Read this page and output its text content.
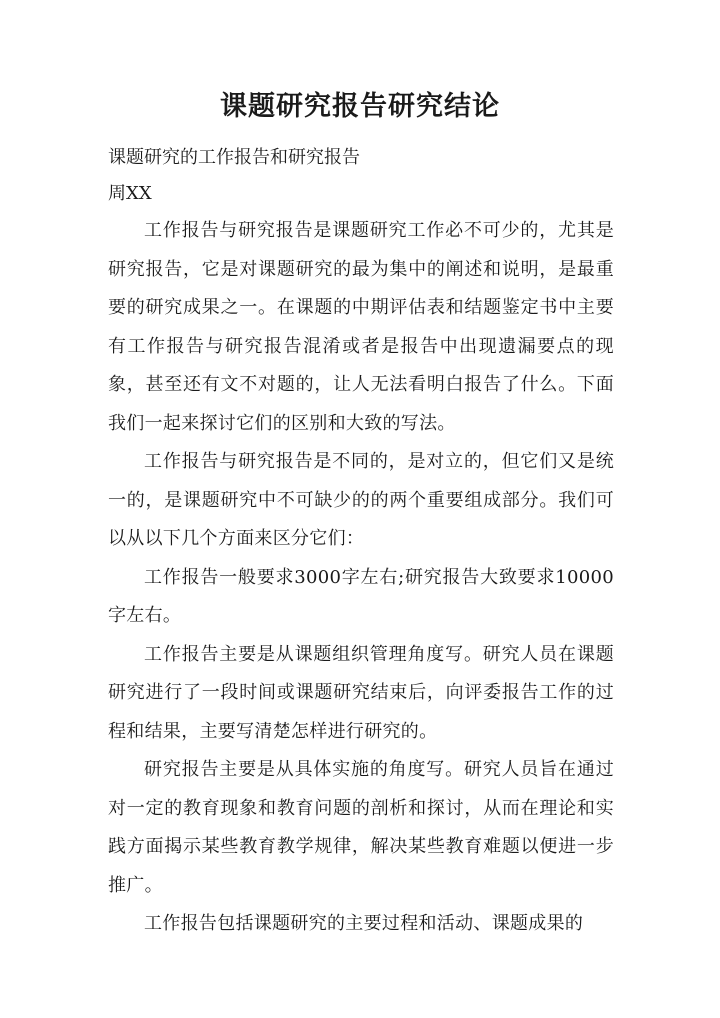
课题研究报告研究结论

课题研究的工作报告和研究报告

周XX

工作报告与研究报告是课题研究工作必不可少的，尤其是研究报告，它是对课题研究的最为集中的阐述和说明，是最重要的研究成果之一。在课题的中期评估表和结题鉴定书中主要有工作报告与研究报告混淆或者是报告中出现遗漏要点的现象，甚至还有文不对题的，让人无法看明白报告了什么。下面我们一起来探讨它们的区别和大致的写法。

工作报告与研究报告是不同的，是对立的，但它们又是统一的，是课题研究中不可缺少的的两个重要组成部分。我们可以从以下几个方面来区分它们：

工作报告一般要求3000字左右;研究报告大致要求10000字左右。

工作报告主要是从课题组织管理角度写。研究人员在课题研究进行了一段时间或课题研究结束后，向评委报告工作的过程和结果，主要写清楚怎样进行研究的。

研究报告主要是从具体实施的角度写。研究人员旨在通过对一定的教育现象和教育问题的剖析和探讨，从而在理论和实践方面揭示某些教育教学规律，解决某些教育难题以便进一步推广。

工作报告包括课题研究的主要过程和活动、课题成果的
